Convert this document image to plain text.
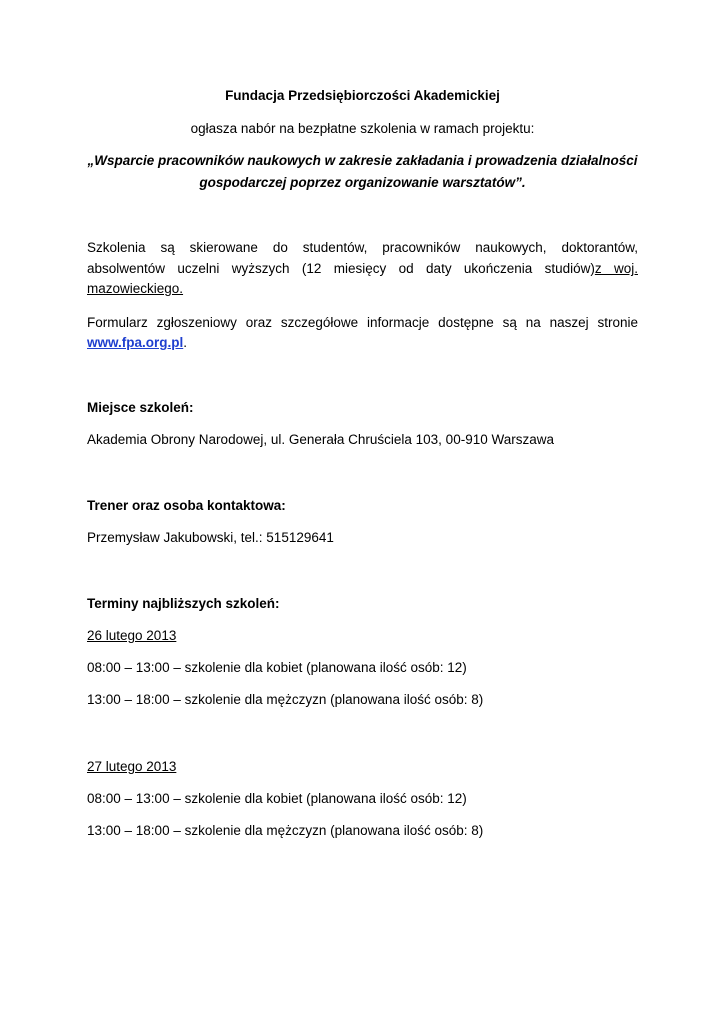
Fundacja Przedsiębiorczości Akademickiej
ogłasza nabór na bezpłatne szkolenia w ramach projektu:
„Wsparcie pracowników naukowych w zakresie zakładania i prowadzenia działalności
gospodarczej poprzez organizowanie warsztatów”.
Szkolenia są skierowane do studentów, pracowników naukowych, doktorantów,
absolwentów uczelni wyższych (12 miesięcy od daty ukończenia studiów)z woj.
mazowieckiego.
Formularz zgłoszeniowy oraz szczegółowe informacje dostępne są na naszej stronie
www.fpa.org.pl.
Miejsce szkoleń:
Akademia Obrony Narodowej, ul. Generała Chruściela 103, 00-910 Warszawa
Trener oraz osoba kontaktowa:
Przemysław Jakubowski, tel.: 515129641
Terminy najbliższych szkoleń:
26 lutego 2013
08:00 – 13:00 – szkolenie dla kobiet (planowana ilość osób: 12)
13:00 – 18:00 – szkolenie dla mężczyzn (planowana ilość osób: 8)
27 lutego 2013
08:00 – 13:00 – szkolenie dla kobiet (planowana ilość osób: 12)
13:00 – 18:00 – szkolenie dla mężczyzn (planowana ilość osób: 8)
